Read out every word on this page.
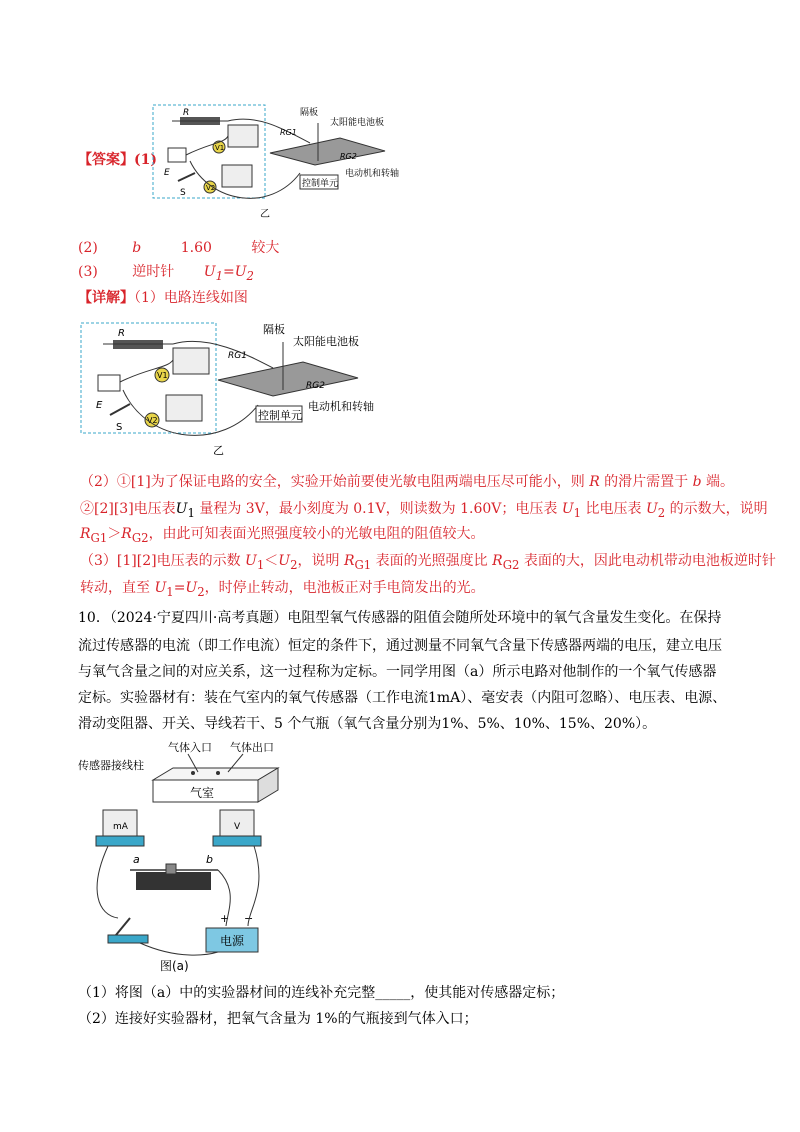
【答案】(1)
R
E
S
V1
V2
隔板
太阳能电池板
RG1
RG2
控制单元
电动机和转轴
乙
(2) b	1.60	较大
(3) 逆时针 $U_1=U_2$
【详解】（1）电路连线如图
R
E
S
V1
V2
隔板
太阳能电池板
RG1
RG2
控制单元
电动机和转轴
乙
（2）①[1]为了保证电路的安全，实验开始前要使光敏电阻两端电压尽可能小，则 R 的滑片需置于 b 端。
②[2][3]电压表$U_1$ 量程为 3V，最小刻度为 0.1V，则读数为 1.60V；电压表 $U_1$ 比电压表 $U_2$ 的示数大，说明
$R_{G1}>R_{G2}$，由此可知表面光照强度较小的光敏电阻的阻值较大。
（3）[1][2]电压表的示数 $U_1<U_2$，说明 $R_{G1}$ 表面的光照强度比 $R_{G2}$ 表面的大，因此电动机带动电池板逆时针
转动，直至 $U_1=U_2$，时停止转动，电池板正对手电筒发出的光。
10．（2024·宁夏四川·高考真题）电阻型氧气传感器的阻值会随所处环境中的氧气含量发生变化。在保持
流过传感器的电流（即工作电流）恒定的条件下，通过测量不同氧气含量下传感器两端的电压，建立电压
与氧气含量之间的对应关系，这一过程称为定标。一同学用图（a）所示电路对他制作的一个氧气传感器
定标。实验器材有：装在气室内的氧气传感器（工作电流1mA）、毫安表（内阻可忽略）、电压表、电源、
滑动变阻器、开关、导线若干、5 个气瓶（氧气含量分别为1%、5%、10%、15%、20%）。
气室
气体入口 气体出口
传感器接线柱
mA	V
a	b
电源
+ −
图(a)
（1）将图（a）中的实验器材间的连线补充完整_____，使其能对传感器定标；
（2）连接好实验器材，把氧气含量为 1%的气瓶接到气体入口；
